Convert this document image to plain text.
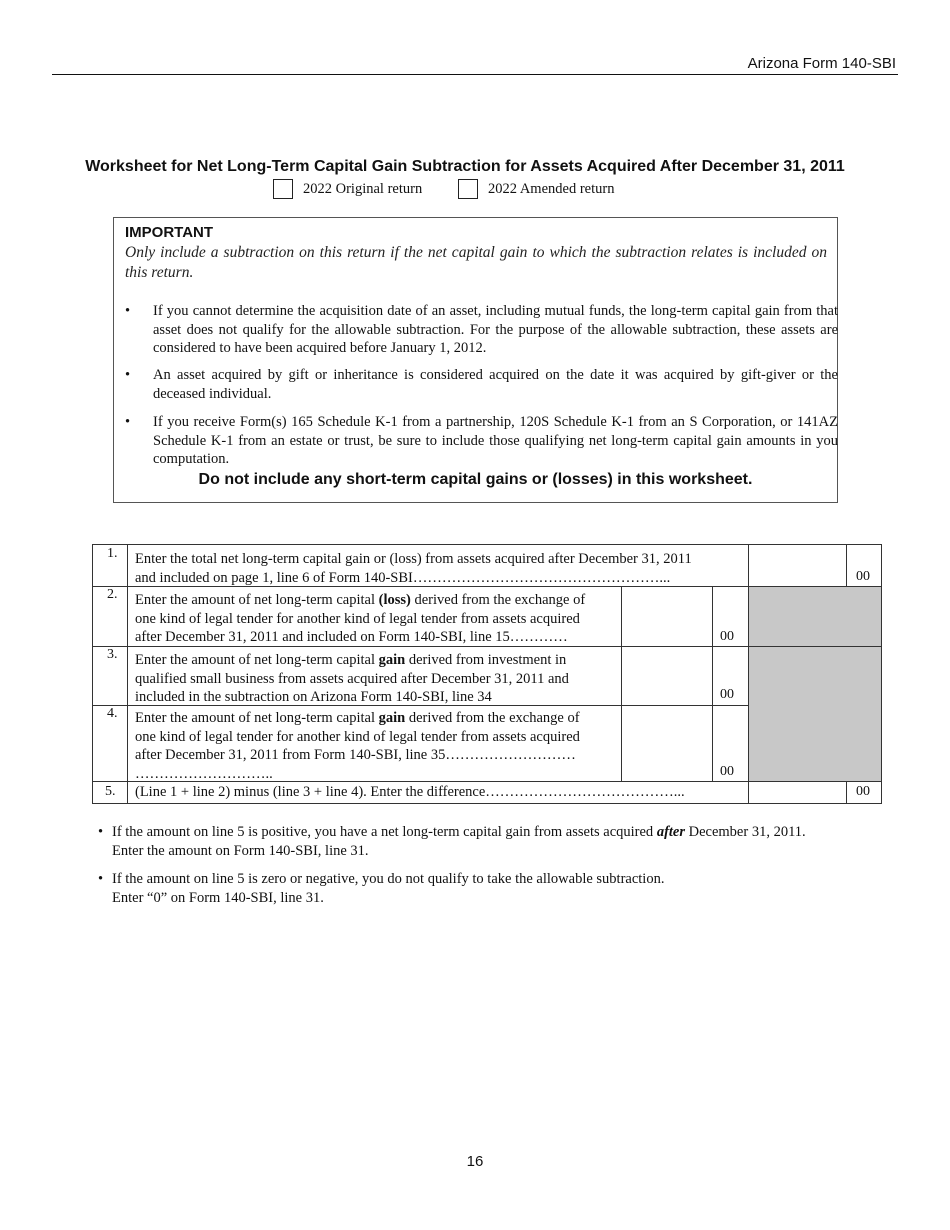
Arizona Form 140-SBI
Worksheet for Net Long-Term Capital Gain Subtraction for Assets Acquired After December 31, 2011
2022 Original return	2022 Amended return
IMPORTANT
Only include a subtraction on this return if the net capital gain to which the subtraction relates is included on this return.
• If you cannot determine the acquisition date of an asset, including mutual funds, the long-term capital gain from that asset does not qualify for the allowable subtraction. For the purpose of the allowable subtraction, these assets are considered to have been acquired before January 1, 2012.
• An asset acquired by gift or inheritance is considered acquired on the date it was acquired by gift-giver or the deceased individual.
• If you receive Form(s) 165 Schedule K-1 from a partnership, 120S Schedule K-1 from an S Corporation, or 141AZ Schedule K-1 from an estate or trust, be sure to include those qualifying net long-term capital gain amounts in you computation.
Do not include any short-term capital gains or (losses) in this worksheet.
1. Enter the total net long-term capital gain or (loss) from assets acquired after December 31, 2011
and included on page 1, line 6 of Form 140-SBI……………………………………………...	00
2. Enter the amount of net long-term capital (loss) derived from the exchange of
one kind of legal tender for another kind of legal tender from assets acquired
after December 31, 2011 and included on Form 140-SBI, line 15…………	00
3. Enter the amount of net long-term capital gain derived from investment in
qualified small business from assets acquired after December 31, 2011 and
included in the subtraction on Arizona Form 140-SBI, line 34	00
4. Enter the amount of net long-term capital gain derived from the exchange of
one kind of legal tender for another kind of legal tender from assets acquired
after December 31, 2011 from Form 140-SBI, line 35………………………
………………………..	00
5. (Line 1 + line 2) minus (line 3 + line 4). Enter the difference…………………………………...	00
• If the amount on line 5 is positive, you have a net long-term capital gain from assets acquired after December 31, 2011.
Enter the amount on Form 140-SBI, line 31.
• If the amount on line 5 is zero or negative, you do not qualify to take the allowable subtraction.
Enter “0” on Form 140-SBI, line 31.
16
